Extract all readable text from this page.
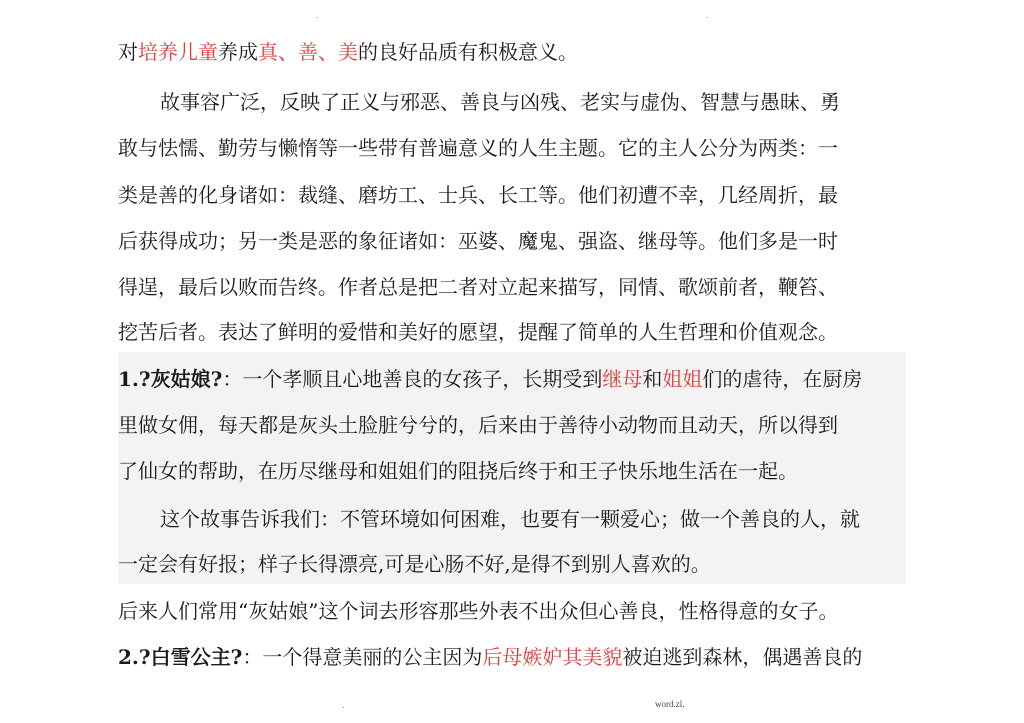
.	.
对培养儿童养成真、善、美的良好品质有积极意义。
故事容广泛，反映了正义与邪恶、善良与凶残、老实与虚伪、智慧与愚昧、勇
敢与怯懦、勤劳与懒惰等一些带有普遍意义的人生主题。它的主人公分为两类：一
类是善的化身诸如：裁缝、磨坊工、士兵、长工等。他们初遭不幸，几经周折，最
后获得成功；另一类是恶的象征诸如：巫婆、魔鬼、强盗、继母等。他们多是一时
得逞，最后以败而告终。作者总是把二者对立起来描写，同情、歌颂前者，鞭笞、
挖苦后者。表达了鲜明的爱惜和美好的愿望，提醒了简单的人生哲理和价值观念。
1.?灰姑娘?：一个孝顺且心地善良的女孩子，长期受到继母和姐姐们的虐待，在厨房
里做女佣，每天都是灰头土脸脏兮兮的，后来由于善待小动物而且动天，所以得到
了仙女的帮助，在历尽继母和姐姐们的阻挠后终于和王子快乐地生活在一起。
这个故事告诉我们：不管环境如何困难，也要有一颗爱心；做一个善良的人，就
一定会有好报；样子长得漂亮,可是心肠不好,是得不到别人喜欢的。
后来人们常用“灰姑娘”这个词去形容那些外表不出众但心善良，性格得意的女子。
2.?白雪公主?：一个得意美丽的公主因为后母嫉妒其美貌被迫逃到森林，偶遇善良的
.	word.zl.
